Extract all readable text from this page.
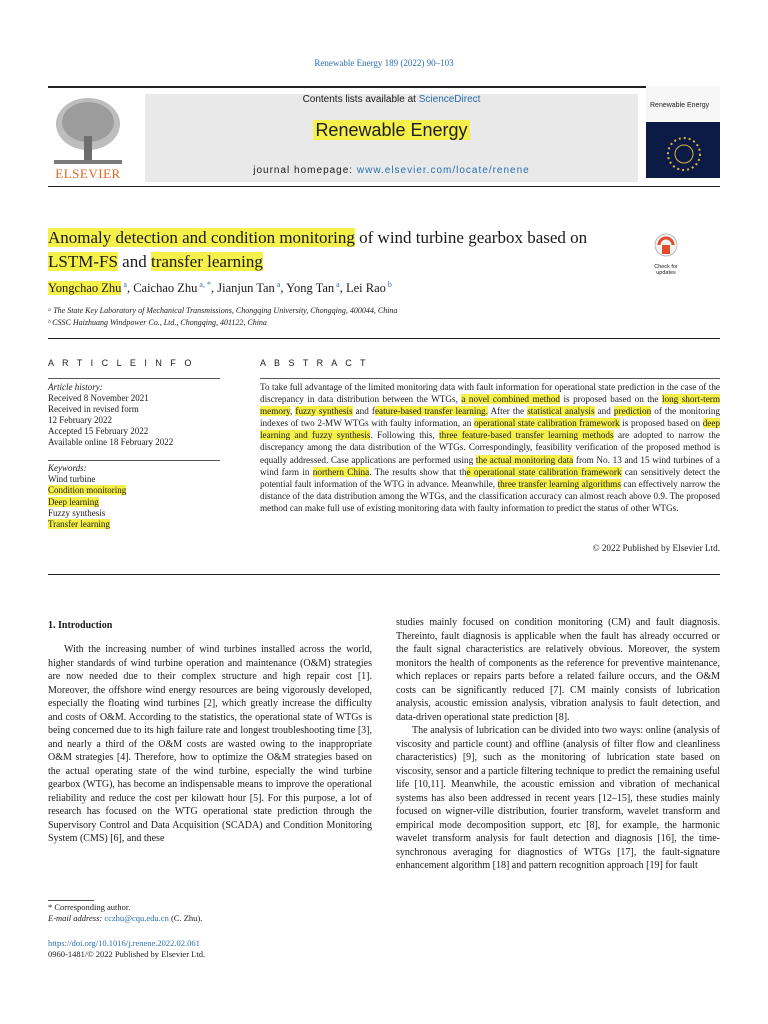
Renewable Energy 189 (2022) 90–103
ELSEVIER
Contents lists available at ScienceDirect
Renewable Energy
journal homepage: www.elsevier.com/locate/renene
Renewable Energy
Anomaly detection and condition monitoring of wind turbine gearbox based on LSTM-FS and transfer learning	Check for updates
Yongchao Zhu $^a$, Caichao Zhu $^{a, *}$, Jianjun Tan $^a$, Yong Tan $^a$, Lei Rao $^b$
ᵃ The State Key Laboratory of Mechanical Transmissions, Chongqing University, Chongqing, 400044, China
ᵇ CSSC Haizhuang Windpower Co., Ltd., Chongqing, 401122, China
A R T I C L E I N F O	A B S T R A C T
Article history:
Received 8 November 2021
Received in revised form
12 February 2022
Accepted 15 February 2022
Available online 18 February 2022
Keywords:
Wind turbine
Condition monitoring
Deep learning
Fuzzy synthesis
Transfer learning
To take full advantage of the limited monitoring data with fault information for operational state prediction in the case of the discrepancy in data distribution between the WTGs, a novel combined method is proposed based on the long short-term memory, fuzzy synthesis and feature-based transfer learning. After the statistical analysis and prediction of the monitoring indexes of two 2-MW WTGs with faulty information, an operational state calibration framework is proposed based on deep learning and fuzzy synthesis. Following this, three feature-based transfer learning methods are adopted to narrow the discrepancy among the data distribution of the WTGs. Correspondingly, feasibility verification of the proposed method is equally addressed. Case applications are performed using the actual monitoring data from No. 13 and 15 wind turbines of a wind farm in northern China. The results show that the operational state calibration framework can sensitively detect the potential fault information of the WTG in advance. Meanwhile, three transfer learning algorithms can effectively narrow the distance of the data distribution among the WTGs, and the classification accuracy can almost reach above 0.9. The proposed method can make full use of existing monitoring data with faulty information to predict the status of other WTGs.
© 2022 Published by Elsevier Ltd.
1. Introduction
With the increasing number of wind turbines installed across the world, higher standards of wind turbine operation and maintenance (O&M) strategies are now needed due to their complex structure and high repair cost [1]. Moreover, the offshore wind energy resources are being vigorously developed, especially the floating wind turbines [2], which greatly increase the difficulty and costs of O&M. According to the statistics, the operational state of WTGs is being concerned due to its high failure rate and longest troubleshooting time [3], and nearly a third of the O&M costs are wasted owing to the inappropriate O&M strategies [4]. Therefore, how to optimize the O&M strategies based on the actual operating state of the wind turbine, especially the wind turbine gearbox (WTG), has become an indispensable means to improve the operational reliability and reduce the cost per kilowatt hour [5]. For this purpose, a lot of research has focused on the WTG operational state prediction through the Supervisory Control and Data Acquisition (SCADA) and Condition Monitoring System (CMS) [6], and these

studies mainly focused on condition monitoring (CM) and fault diagnosis. Thereinto, fault diagnosis is applicable when the fault has already occurred or the fault signal characteristics are relatively obvious. Moreover, the system monitors the health of components as the reference for preventive maintenance, which replaces or repairs parts before a related failure occurs, and the O&M costs can be significantly reduced [7]. CM mainly consists of lubrication analysis, acoustic emission analysis, vibration analysis to fault detection, and data-driven operational state prediction [8].

The analysis of lubrication can be divided into two ways: online (analysis of viscosity and particle count) and offline (analysis of filter flow and cleanliness characteristics) [9], such as the monitoring of lubrication state based on viscosity, sensor and a particle filtering technique to predict the remaining useful life [10,11]. Meanwhile, the acoustic emission and vibration of mechanical systems has also been addressed in recent years [12–15], these studies mainly focused on wigner-ville distribution, fourier transform, wavelet transform and empirical mode decomposition support, etc [8], for example, the harmonic wavelet transform analysis for fault detection and diagnosis [16], the time-synchronous averaging for diagnostics of WTGs [17], the fault-signature enhancement algorithm [18] and pattern recognition approach [19] for fault

* Corresponding author.
E-mail address: cczhu@cqu.edu.cn (C. Zhu).
https://doi.org/10.1016/j.renene.2022.02.061
0960-1481/© 2022 Published by Elsevier Ltd.
